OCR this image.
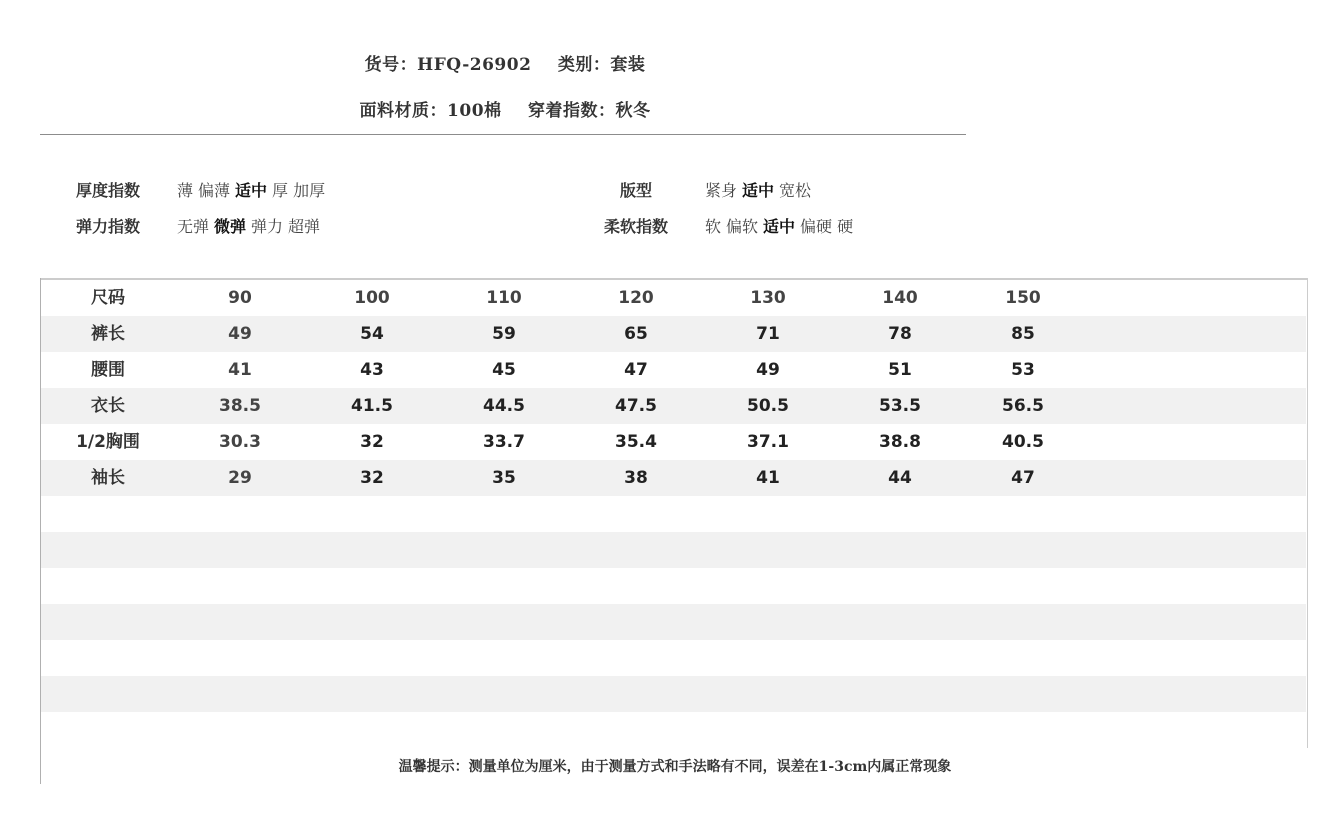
货号：HFQ-26902 类别：套装
面料材质：100棉 穿着指数：秋冬
厚度指数	薄 偏薄 适中 厚 加厚
弹力指数	无弹 微弹 弹力 超弹
版型	紧身 适中 宽松
柔软指数	软 偏软 适中 偏硬 硬
尺码	90	100	110	120	130	140	150
裤长	49	54	59	65	71	78	85
腰围	41	43	45	47	49	51	53
衣长	38.5	41.5	44.5	47.5	50.5	53.5	56.5
1/2胸围	30.3	32	33.7	35.4	37.1	38.8	40.5
袖长	29	32	35	38	41	44	47
温馨提示：测量单位为厘米，由于测量方式和手法略有不同，误差在1-3cm内属正常现象
